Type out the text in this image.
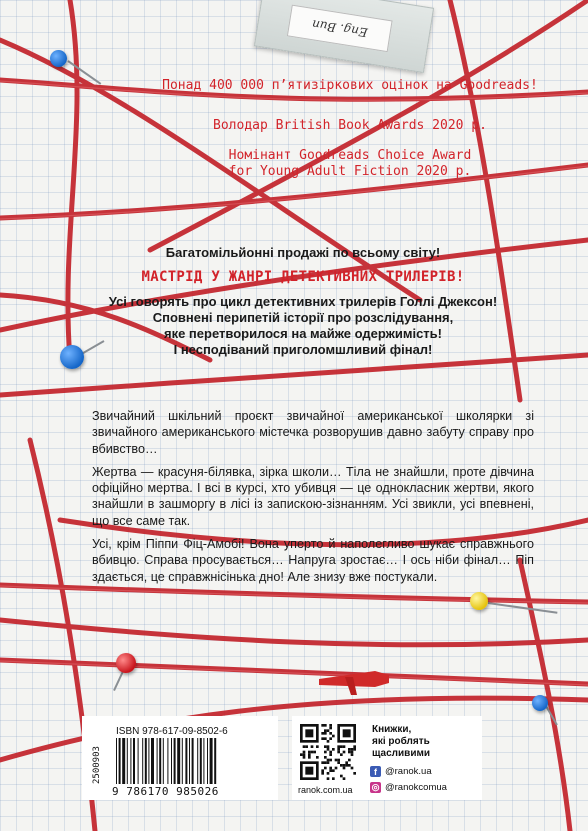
Eng. Bun

Понад 400 000 п’ятизіркових оцінок на Goodreads!

Володар British Book Awards 2020 р.

Номінант Goodreads Choice Award

for Young Adult Fiction 2020 р.

Багатомільйонні продажі по всьому світу!

МАСТРІД У ЖАНРІ ДЕТЕКТИВНИХ ТРИЛЕРІВ!

Усі говорять про цикл детективних трилерів Голлі Джексон!

Сповнені перипетій історії про розслідування,

яке перетворилося на майже одержимість!

І несподіваний приголомшливий фінал!

Звичайний шкільний проєкт звичайної американської школярки зі звичайного американського містечка розворушив давно забуту справу про вбивство…

Жертва — красуня-білявка, зірка школи… Тіла не знайшли, проте дівчина офіційно мертва. І всі в курсі, хто убивця — це однокласник жертви, якого знайшли в зашморгу в лісі із запискою-зізнанням. Усі звикли, усі впевнені, що все саме так.

Усі, крім Піппи Фіц-Амобі! Вона уперто й наполегливо шукає справжнього вбивцю. Справа просувається… Напруга зростає… І ось ніби фінал… Піп здається, це справжнісінька дно! Але знизу вже постукали.

2500903
ISBN 978-617-09-8502-6
9 786170 985026	ranok.com.ua
Книжки,
які роблять
щасливими
f @ranok.ua
◎ @ranokcomua
